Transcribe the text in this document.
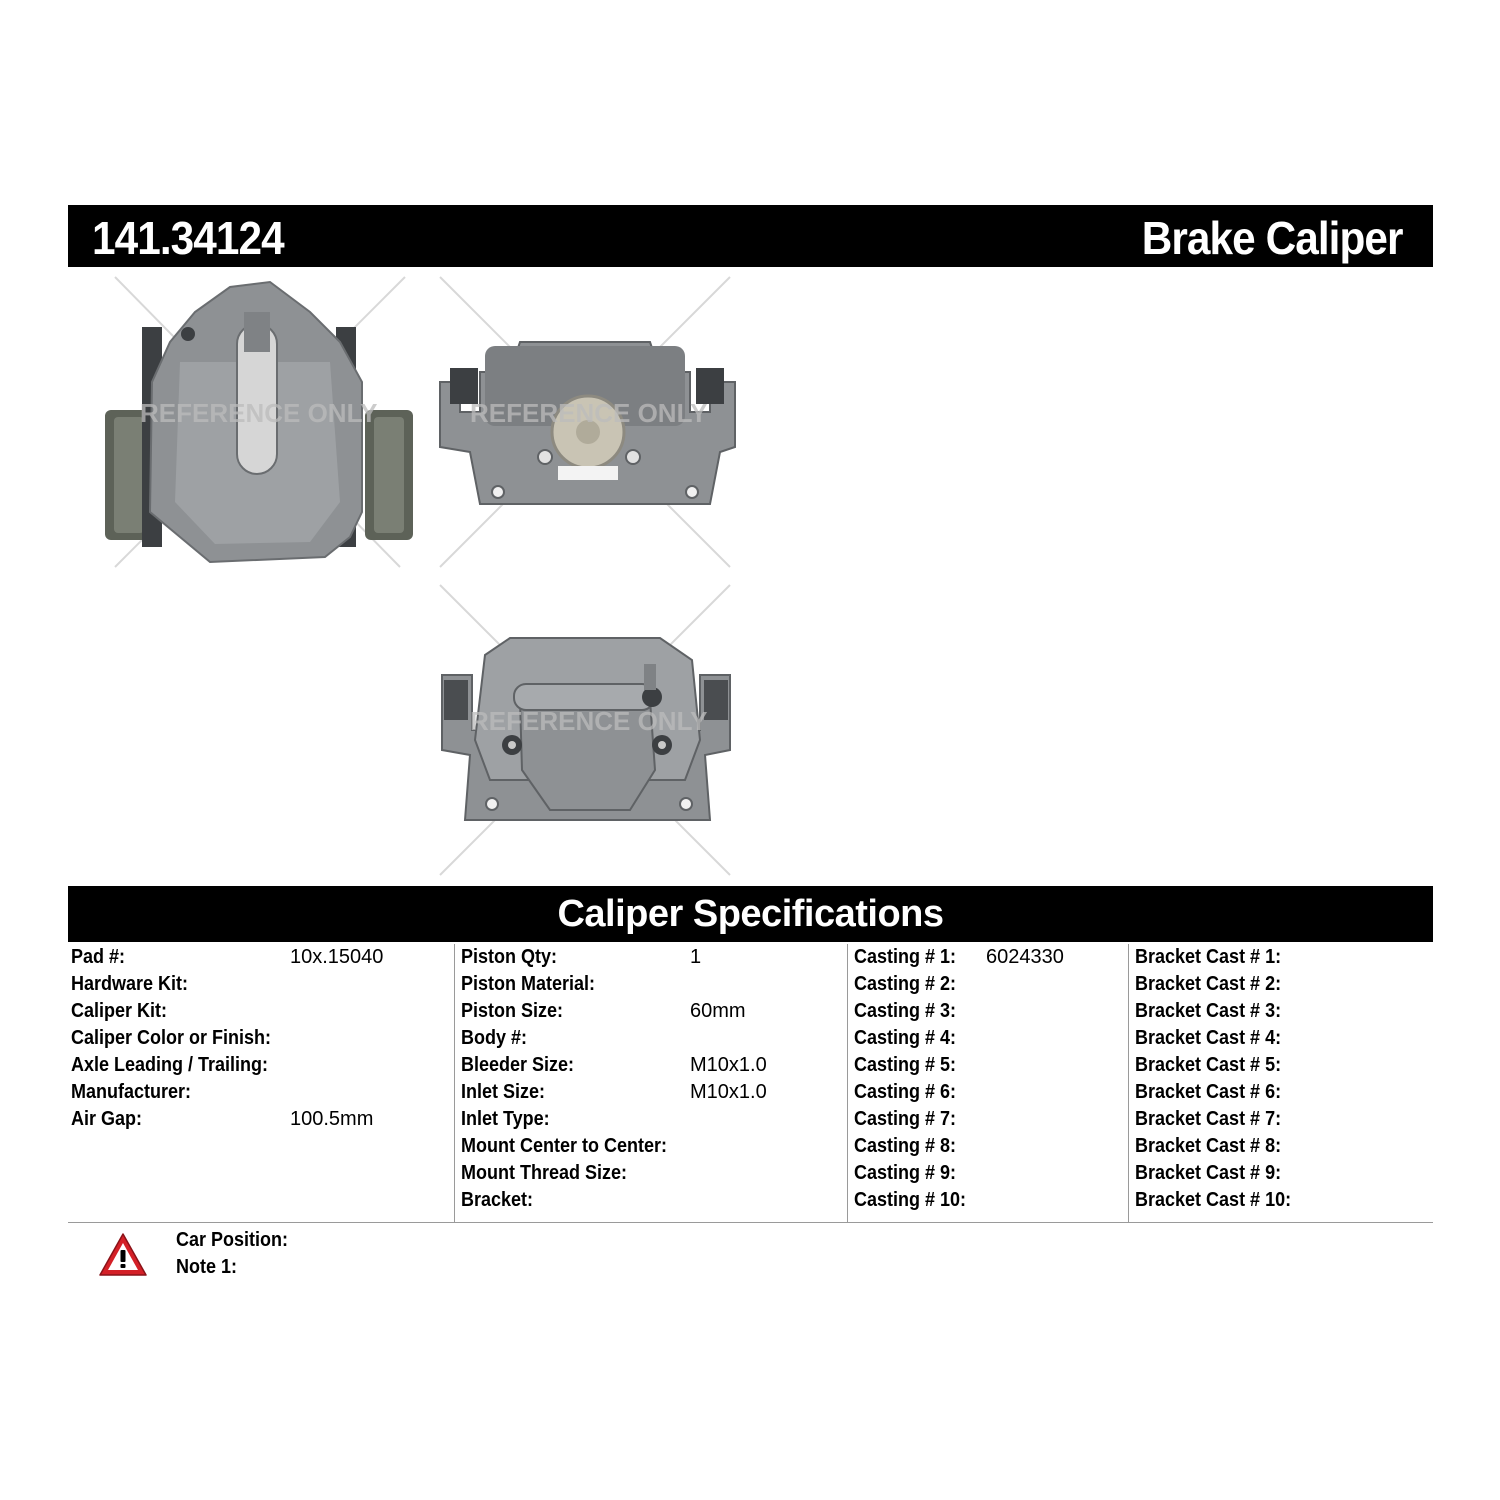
141.34124	Brake Caliper
REFERENCE ONLY	REFERENCE ONLY
REFERENCE ONLY
Caliper Specifications
Pad #:	10x.15040
Hardware Kit:
Caliper Kit:
Caliper Color or Finish:
Axle Leading / Trailing:
Manufacturer:
Air Gap:	100.5mm
Piston Qty:	1
Piston Material:
Piston Size:	60mm
Body #:
Bleeder Size:	M10x1.0
Inlet Size:	M10x1.0
Inlet Type:
Mount Center to Center:
Mount Thread Size:
Bracket:
Casting # 1: 6024330
Casting # 2:
Casting # 3:
Casting # 4:
Casting # 5:
Casting # 6:
Casting # 7:
Casting # 8:
Casting # 9:
Casting # 10:
Bracket Cast # 1:
Bracket Cast # 2:
Bracket Cast # 3:
Bracket Cast # 4:
Bracket Cast # 5:
Bracket Cast # 6:
Bracket Cast # 7:
Bracket Cast # 8:
Bracket Cast # 9:
Bracket Cast # 10:
Car Position:
Note 1:
